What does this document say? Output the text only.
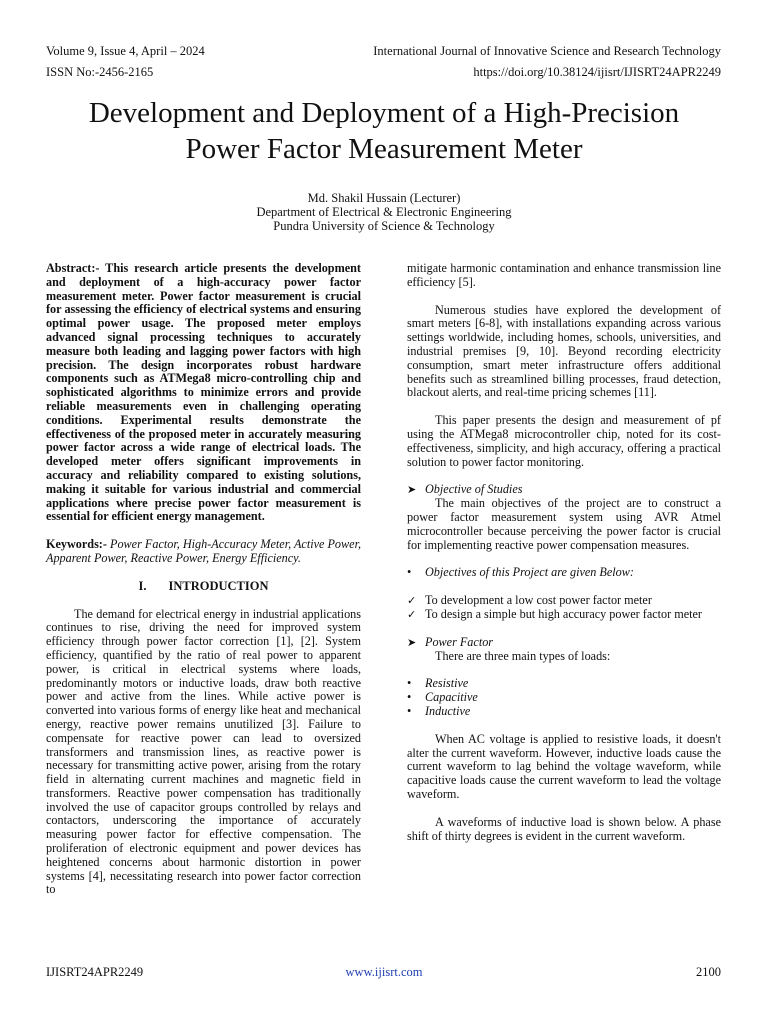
Volume 9, Issue 4, April – 2024
ISSN No:-2456-2165
International Journal of Innovative Science and Research Technology
https://doi.org/10.38124/ijisrt/IJISRT24APR2249
Development and Deployment of a High-Precision
Power Factor Measurement Meter
Md. Shakil Hussain (Lecturer)
Department of Electrical & Electronic Engineering
Pundra University of Science & Technology

Abstract:- This research article presents the development and deployment of a high-accuracy power factor measurement meter. Power factor measurement is crucial for assessing the efficiency of electrical systems and ensuring optimal power usage. The proposed meter employs advanced signal processing techniques to accurately measure both leading and lagging power factors with high precision. The design incorporates robust hardware components such as ATMega8 micro-controlling chip and sophisticated algorithms to minimize errors and provide reliable measurements even in challenging operating conditions. Experimental results demonstrate the effectiveness of the proposed meter in accurately measuring power factor across a wide range of electrical loads. The developed meter offers significant improvements in accuracy and reliability compared to existing solutions, making it suitable for various industrial and commercial applications where precise power factor measurement is essential for efficient energy management.

Keywords:- Power Factor, High-Accuracy Meter, Active Power, Apparent Power, Reactive Power, Energy Efficiency.

I. INTRODUCTION

The demand for electrical energy in industrial applications continues to rise, driving the need for improved system efficiency through power factor correction [1], [2]. System efficiency, quantified by the ratio of real power to apparent power, is critical in electrical systems where loads, predominantly motors or inductive loads, draw both reactive power and active from the lines. While active power is converted into various forms of energy like heat and mechanical energy, reactive power remains unutilized [3]. Failure to compensate for reactive power can lead to oversized transformers and transmission lines, as reactive power is necessary for transmitting active power, arising from the rotary field in alternating current machines and magnetic field in transformers. Reactive power compensation has traditionally involved the use of capacitor groups controlled by relays and contactors, underscoring the importance of accurately measuring power factor for effective compensation. The proliferation of electronic equipment and power devices has heightened concerns about harmonic distortion in power systems [4], necessitating research into power factor correction to

mitigate harmonic contamination and enhance transmission line efficiency [5].

Numerous studies have explored the development of smart meters [6-8], with installations expanding across various settings worldwide, including homes, schools, universities, and industrial premises [9, 10]. Beyond recording electricity consumption, smart meter infrastructure offers additional benefits such as streamlined billing processes, fraud detection, blackout alerts, and real-time pricing schemes [11].

This paper presents the design and measurement of pf using the ATMega8 microcontroller chip, noted for its cost-effectiveness, simplicity, and high accuracy, offering a practical solution to power factor monitoring.

➤ Objective of Studies

The main objectives of the project are to construct a power factor measurement system using AVR Atmel microcontroller because perceiving the power factor is crucial for implementing reactive power compensation measures.

•	Objectives of this Project are given Below:
✓ To development a low cost power factor meter
✓ To design a simple but high accuracy power factor meter
➤ Power Factor

There are three main types of loads:

•	Resistive
•	Capacitive
•	Inductive

When AC voltage is applied to resistive loads, it doesn't alter the current waveform. However, inductive loads cause the current waveform to lag behind the voltage waveform, while capacitive loads cause the current waveform to lead the voltage waveform.

A waveforms of inductive load is shown below. A phase shift of thirty degrees is evident in the current waveform.

IJISRT24APR2249	www.ijisrt.com	2100
